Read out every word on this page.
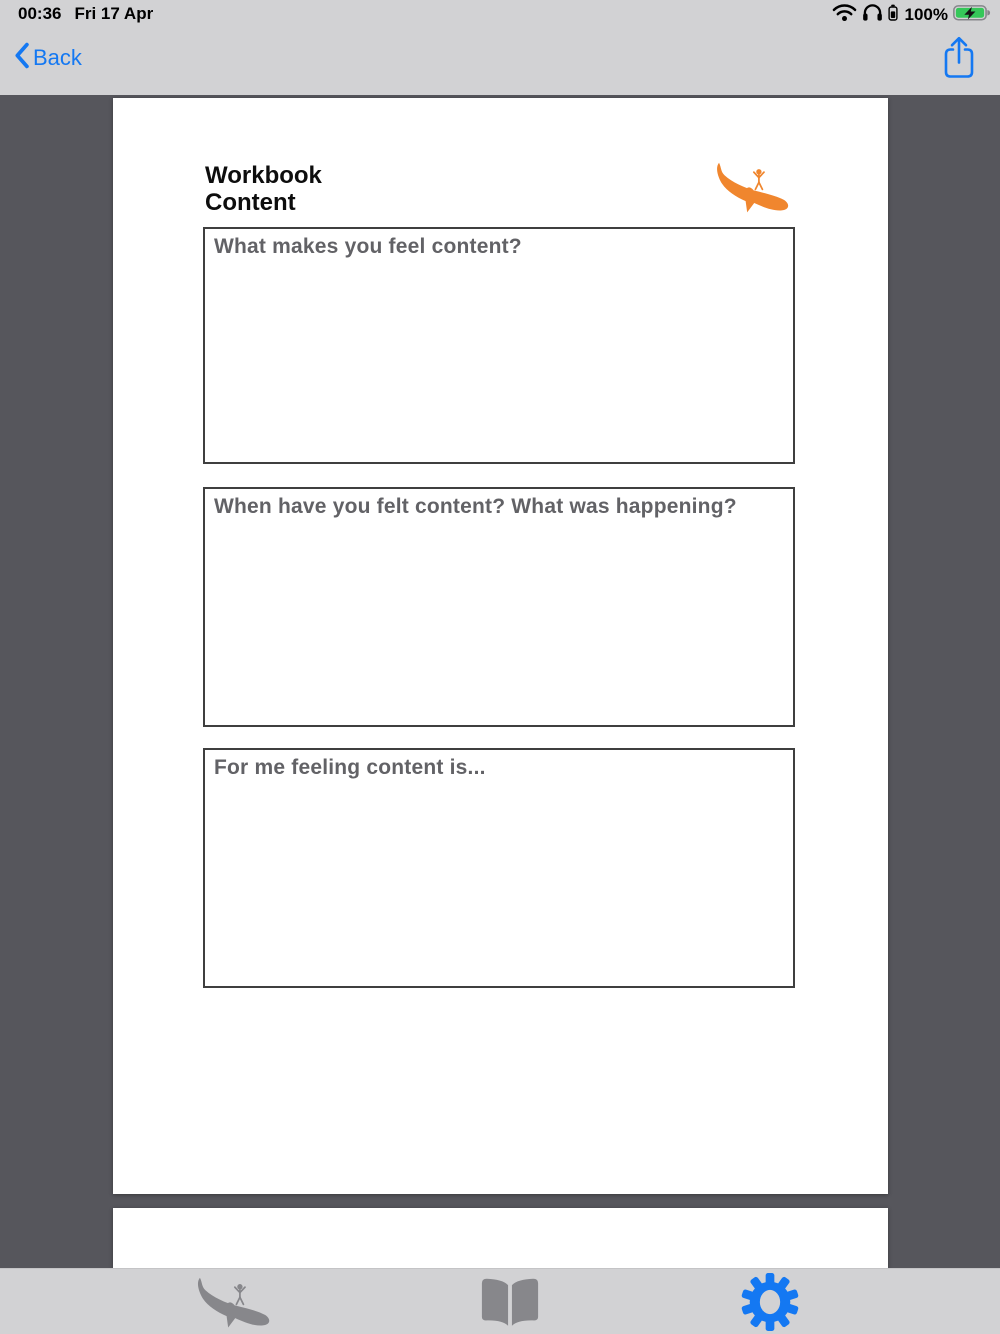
00:36 Fri 17 Apr	100%
Back
Workbook
Content
What makes you feel content?
When have you felt content? What was happening?
For me feeling content is...
